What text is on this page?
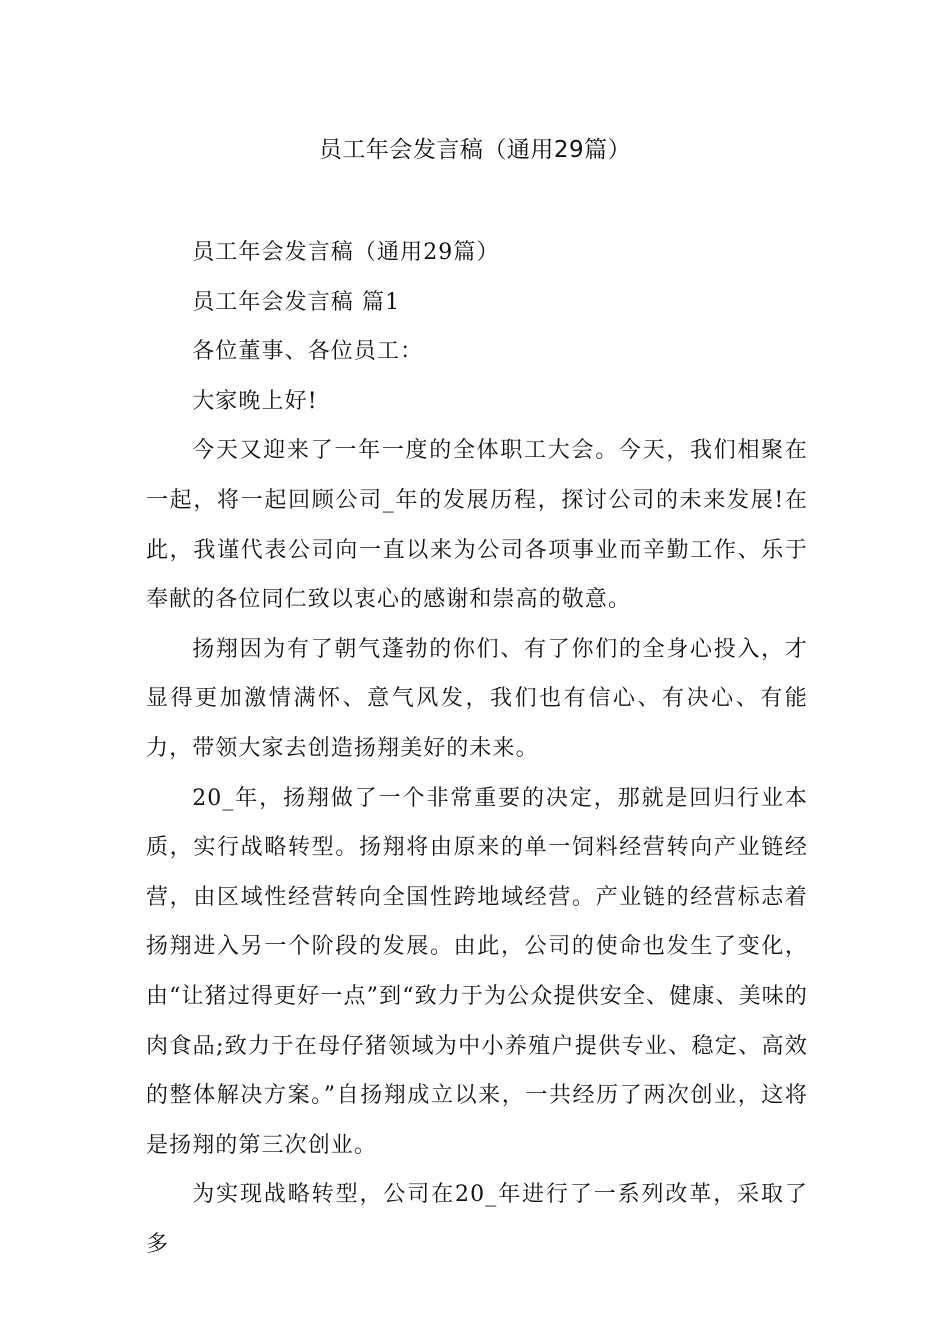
员工年会发言稿（通用29篇）

员工年会发言稿（通用29篇）

员工年会发言稿 篇1

各位董事、各位员工：

大家晚上好!

今天又迎来了一年一度的全体职工大会。今天，我们相聚在一起，将一起回顾公司_年的发展历程，探讨公司的未来发展!在此，我谨代表公司向一直以来为公司各项事业而辛勤工作、乐于奉献的各位同仁致以衷心的感谢和崇高的敬意。

扬翔因为有了朝气蓬勃的你们、有了你们的全身心投入，才显得更加激情满怀、意气风发，我们也有信心、有决心、有能力，带领大家去创造扬翔美好的未来。

20_年，扬翔做了一个非常重要的决定，那就是回归行业本质，实行战略转型。扬翔将由原来的单一饲料经营转向产业链经营，由区域性经营转向全国性跨地域经营。产业链的经营标志着扬翔进入另一个阶段的发展。由此，公司的使命也发生了变化，由“让猪过得更好一点”到“致力于为公众提供安全、健康、美味的肉食品;致力于在母仔猪领域为中小养殖户提供专业、稳定、高效的整体解决方案。”自扬翔成立以来，一共经历了两次创业，这将是扬翔的第三次创业。

为实现战略转型，公司在20_年进行了一系列改革，采取了多
